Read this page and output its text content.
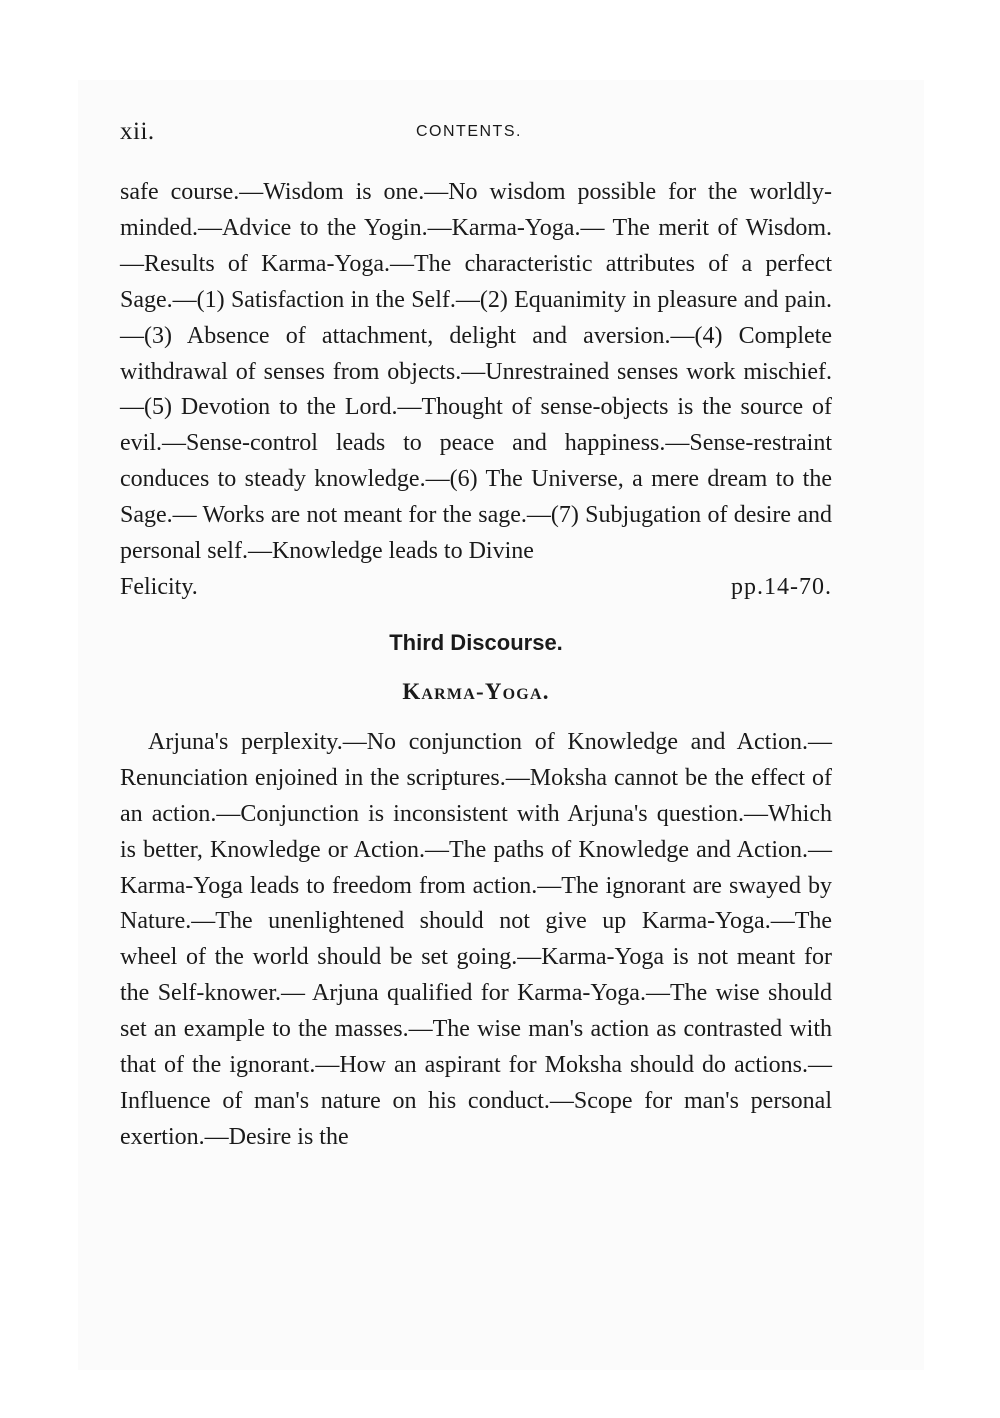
xii.	CONTENTS.

safe course.—Wisdom is one.—No wisdom possible for the worldly-minded.—Advice to the Yogin.—Karma-Yoga.— The merit of Wisdom.—Results of Karma-Yoga.—The characteristic attributes of a perfect Sage.—(1) Satisfaction in the Self.—(2) Equanimity in pleasure and pain.—(3) Absence of attachment, delight and aversion.—(4) Complete withdrawal of senses from objects.—Unrestrained senses work mischief.—(5) Devotion to the Lord.—Thought of sense-objects is the source of evil.—Sense-control leads to peace and happiness.—Sense-restraint conduces to steady knowledge.—(6) The Universe, a mere dream to the Sage.— Works are not meant for the sage.—(7) Subjugation of desire and personal self.—Knowledge leads to Divine

Felicity.	pp.14-70.
Third Discourse.
Karma-Yoga.

Arjuna's perplexity.—No conjunction of Knowledge and Action.—Renunciation enjoined in the scriptures.—Moksha cannot be the effect of an action.—Conjunction is inconsistent with Arjuna's question.—Which is better, Knowledge or Action.—The paths of Knowledge and Action.—Karma-Yoga leads to freedom from action.—The ignorant are swayed by Nature.—The unenlightened should not give up Karma-Yoga.—The wheel of the world should be set going.—Karma-Yoga is not meant for the Self-knower.— Arjuna qualified for Karma-Yoga.—The wise should set an example to the masses.—The wise man's action as contrasted with that of the ignorant.—How an aspirant for Moksha should do actions.—Influence of man's nature on his conduct.—Scope for man's personal exertion.—Desire is the
